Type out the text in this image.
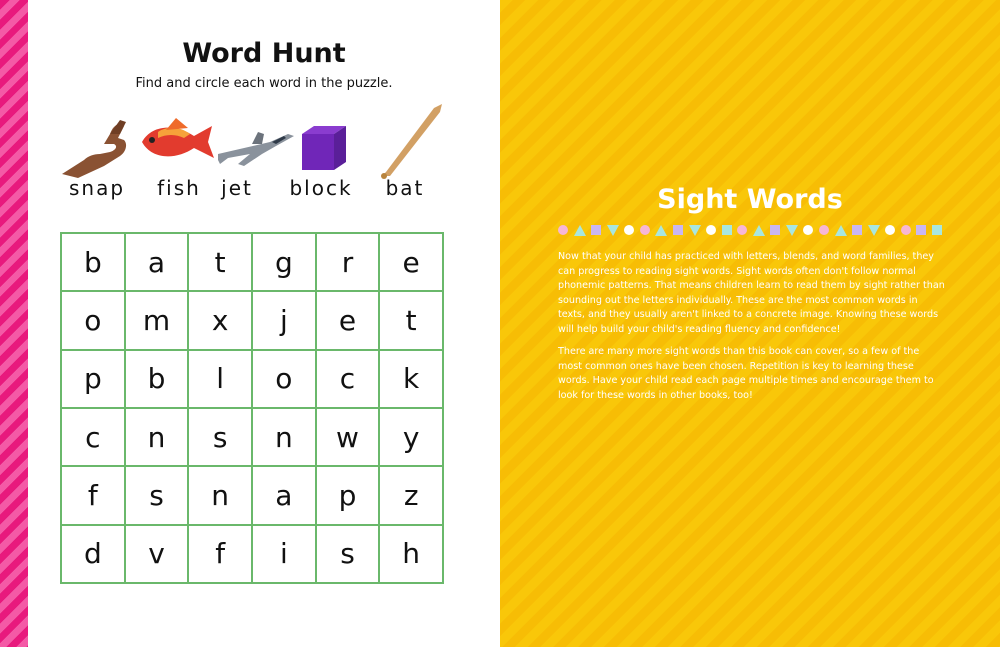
Word Hunt
Find and circle each word in the puzzle.
snap	fish	jet	block	bat
b	a	t	g	r	e
o	m	x	j	e	t
p	b	l	o	c	k
c	n	s	n	w	y
f	s	n	a	p	z
d	v	f	i	s	h
Sight Words

Now that your child has practiced with letters, blends, and word families, they can progress to reading sight words. Sight words often don't follow normal phonemic patterns. That means children learn to read them by sight rather than sounding out the letters individually. These are the most common words in texts, and they usually aren't linked to a concrete image. Knowing these words will help build your child's reading fluency and confidence!

There are many more sight words than this book can cover, so a few of the most common ones have been chosen. Repetition is key to learning these words. Have your child read each page multiple times and encourage them to look for these words in other books, too!
